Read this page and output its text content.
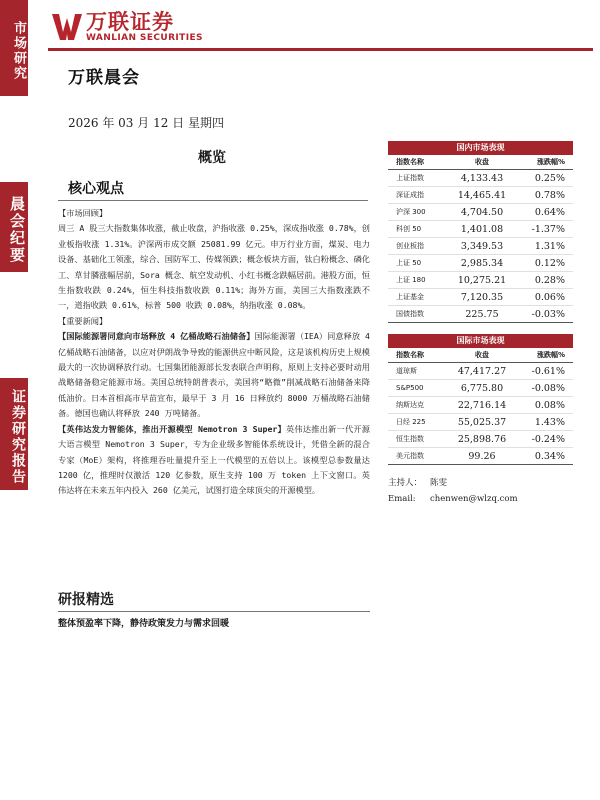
市场研究
晨会纪要
证券研究报告
万联证券
WANLIAN SECURITIES
万联晨会
2026 年 03 月 12 日 星期四
概览
核心观点

【市场回顾】

周三 A 股三大指数集体收涨，截止收盘，沪指收涨 0.25%，深成指收涨 0.78%，创业板指收涨 1.31%。沪深两市成交额 25081.99 亿元。申万行业方面，煤炭、电力设备、基础化工领涨，综合、国防军工、传媒领跌；概念板块方面，钛白粉概念、磷化工、草甘膦涨幅居前，Sora 概念、航空发动机、小红书概念跌幅居前。港股方面，恒生指数收跌 0.24%，恒生科技指数收跌 0.11%；海外方面，美国三大指数涨跌不一，道指收跌 0.61%，标普 500 收跌 0.08%，纳指收涨 0.08%。

【重要新闻】

【国际能源署同意向市场释放 4 亿桶战略石油储备】国际能源署（IEA）同意释放 4 亿桶战略石油储备，以应对伊朗战争导致的能源供应中断风险，这是该机构历史上规模最大的一次协调释放行动。七国集团能源部长发表联合声明称，原则上支持必要时动用战略储备稳定能源市场。美国总统特朗普表示，美国将“略微”削减战略石油储备来降低油价。日本首相高市早苗宣布，最早于 3 月 16 日释放约 8000 万桶战略石油储备。德国也确认将释放 240 万吨储备。

【英伟达发力智能体，推出开源模型 Nemotron 3 Super】英伟达推出新一代开源大语言模型 Nemotron 3 Super，专为企业级多智能体系统设计，凭借全新的混合专家（MoE）架构，将推理吞吐量提升至上一代模型的五倍以上。该模型总参数量达 1200 亿，推理时仅激活 120 亿参数，原生支持 100 万 token 上下文窗口。英伟达将在未来五年内投入 260 亿美元，试图打造全球顶尖的开源模型。

研报精选
整体预盈率下降，静待政策发力与需求回暖
国内市场表现
指数名称	收盘	涨跌幅%
上证指数	4,133.43	0.25%
深证成指	14,465.41	0.78%
沪深 300	4,704.50	0.64%
科创 50	1,401.08	-1.37%
创业板指	3,349.53	1.31%
上证 50	2,985.34	0.12%
上证 180	10,275.21	0.28%
上证基金	7,120.35	0.06%
国债指数	225.75	-0.03%
国际市场表现
指数名称	收盘	涨跌幅%
道琼斯	47,417.27	-0.61%
S&P500	6,775.80	-0.08%
纳斯达克	22,716.14	0.08%
日经 225	55,025.37	1.43%
恒生指数	25,898.76	-0.24%
美元指数	99.26	0.34%
主持人： 陈雯
Email: chenwen@wlzq.com
